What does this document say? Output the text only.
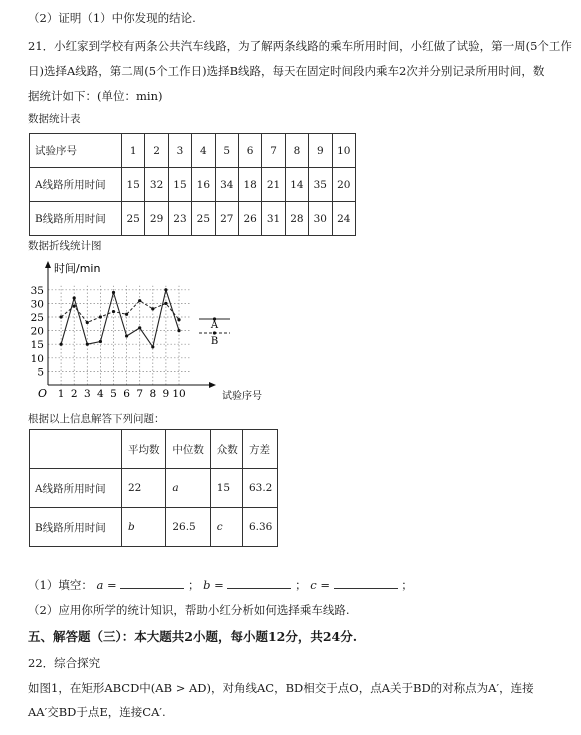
（2）证明（1）中你发现的结论.
21．小红家到学校有两条公共汽车线路，为了解两条线路的乘车所用时间，小红做了试验，第一周(5个工作
日)选择A线路，第二周(5个工作日)选择B线路，每天在固定时间段内乘车2次并分别记录所用时间，数
据统计如下：(单位：min)
数据统计表
试验序号	1	2	3	4	5	6	7	8	9	10
A线路所用时间	15	32	15	16	34	18	21	14	35	20
B线路所用时间	25	29	23	25	27	26	31	28	30	24
数据折线统计图
5
10
15
20
25
30
35
1 2 3 4 5 6 7 8 9 10
O
时间/min
试验序号
A
B
根据以上信息解答下列问题：
	平均数	中位数	众数	方差
A线路所用时间	22	a	15	63.2
B线路所用时间	b	26.5	c	6.36
（1）填空： a =	； b =	； c =	；
（2）应用你所学的统计知识，帮助小红分析如何选择乘车线路.
五、解答题（三）：本大题共2小题，每小题12分，共24分.
22．综合探究
如图1，在矩形ABCD中(AB > AD)，对角线AC，BD相交于点O，点A关于BD的对称点为A′，连接
AA′交BD于点E，连接CA′.
